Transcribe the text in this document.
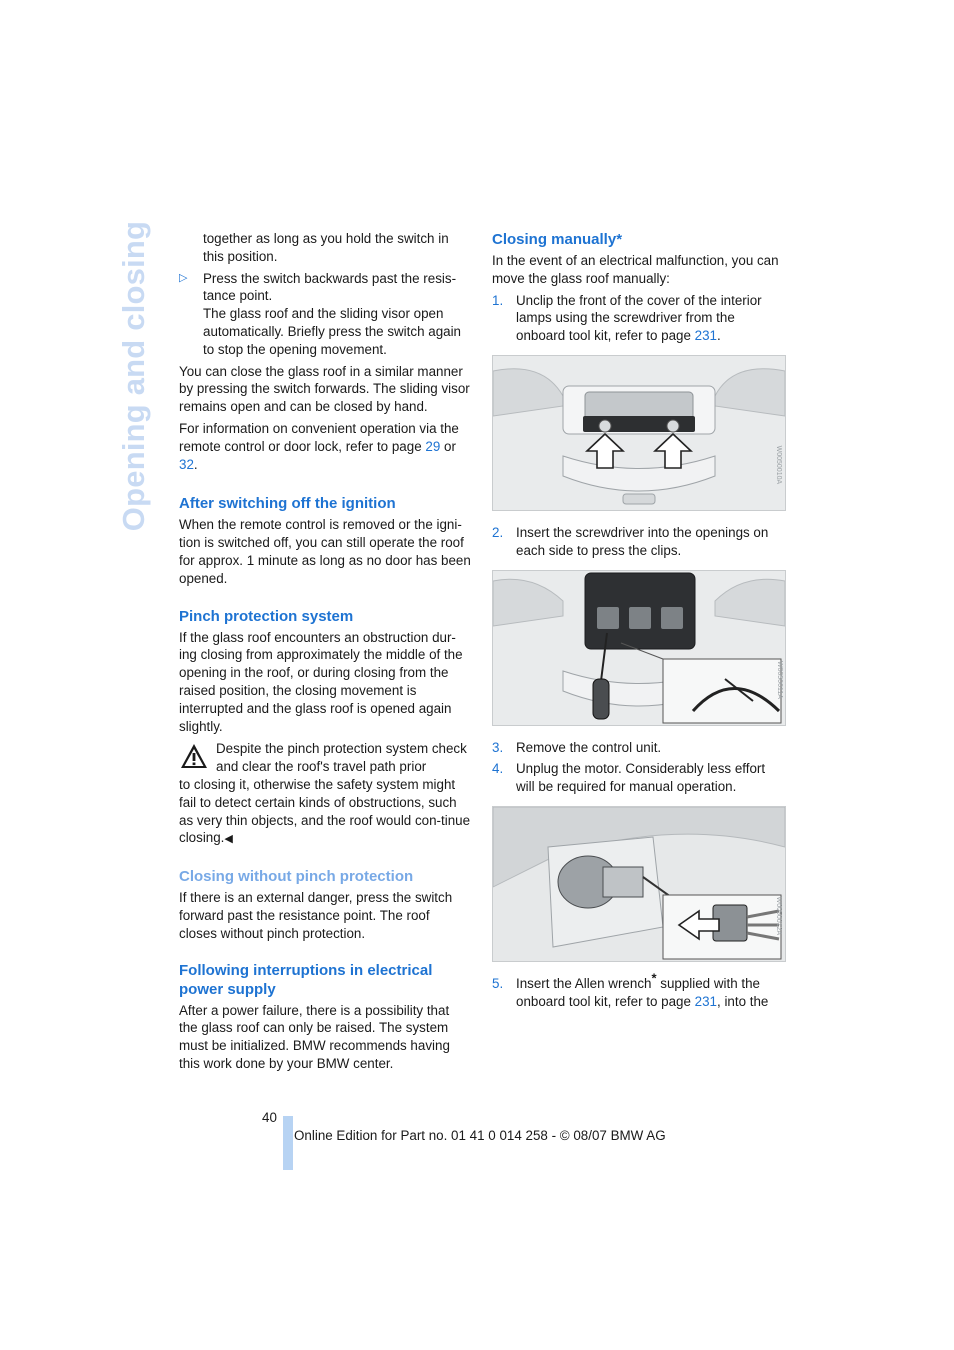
Opening and closing	together as long as you hold the switch in this position.

▷ Press the switch backwards past the resis-tance point.
The glass roof and the sliding visor open automatically. Briefly press the switch again to stop the opening movement.

You can close the glass roof in a similar manner by pressing the switch forwards. The sliding visor remains open and can be closed by hand.

For information on convenient operation via the remote control or door lock, refer to page 29 or 32.

After switching off the ignition

When the remote control is removed or the igni-tion is switched off, you can still operate the roof for approx. 1 minute as long as no door has been opened.

Pinch protection system

If the glass roof encounters an obstruction dur-ing closing from approximately the middle of the opening in the roof, or during closing from the raised position, the closing movement is interrupted and the glass roof is opened again slightly.

Despite the pinch protection system check and clear the roof's travel path prior
to closing it, otherwise the safety system might fail to detect certain kinds of obstructions, such as very thin objects, and the roof would con-tinue closing.◀
Closing without pinch protection

If there is an external danger, press the switch forward past the resistance point. The roof closes without pinch protection.

Following interruptions in electrical power supply

After a power failure, there is a possibility that the glass roof can only be raised. The system must be initialized. BMW recommends having this work done by your BMW center.

Closing manually*

In the event of an electrical malfunction, you can move the glass roof manually:

1. Unclip the front of the cover of the interior lamps using the screwdriver from the onboard tool kit, refer to page 231.
W0050010A
2. Insert the screwdriver into the openings on each side to press the clips.
W0050011A
3. Remove the control unit.
4. Unplug the motor. Considerably less effort will be required for manual operation.
W0050012A
5. Insert the Allen wrench* supplied with the onboard tool kit, refer to page 231, into the
40
Online Edition for Part no. 01 41 0 014 258 - © 08/07 BMW AG
